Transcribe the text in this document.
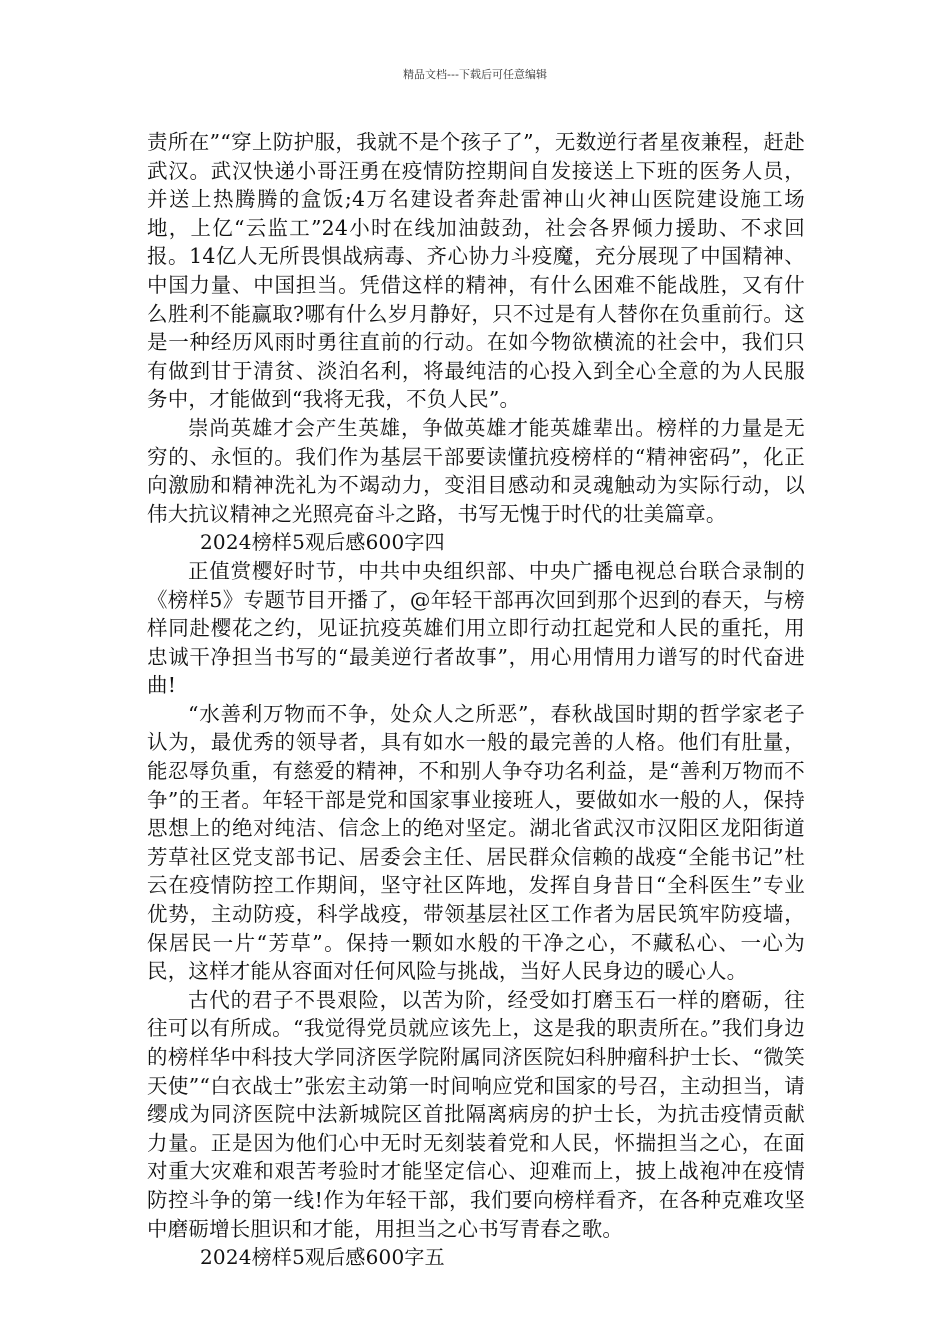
精品文档---下载后可任意编辑

责所在”“穿上防护服，我就不是个孩子了”，无数逆行者星夜兼程，赶赴武汉。武汉快递小哥汪勇在疫情防控期间自发接送上下班的医务人员，并送上热腾腾的盒饭;4万名建设者奔赴雷神山火神山医院建设施工场地，上亿“云监工”24小时在线加油鼓劲，社会各界倾力援助、不求回报。14亿人无所畏惧战病毒、齐心协力斗疫魔，充分展现了中国精神、中国力量、中国担当。凭借这样的精神，有什么困难不能战胜，又有什么胜利不能赢取?哪有什么岁月静好，只不过是有人替你在负重前行。这是一种经历风雨时勇往直前的行动。在如今物欲横流的社会中，我们只有做到甘于清贫、淡泊名利，将最纯洁的心投入到全心全意的为人民服务中，才能做到“我将无我，不负人民”。

崇尚英雄才会产生英雄，争做英雄才能英雄辈出。榜样的力量是无穷的、永恒的。我们作为基层干部要读懂抗疫榜样的“精神密码”，化正向激励和精神洗礼为不竭动力，变泪目感动和灵魂触动为实际行动，以伟大抗议精神之光照亮奋斗之路，书写无愧于时代的壮美篇章。

2024榜样5观后感600字四

正值赏樱好时节，中共中央组织部、中央广播电视总台联合录制的《榜样5》专题节目开播了，@年轻干部再次回到那个迟到的春天，与榜样同赴樱花之约，见证抗疫英雄们用立即行动扛起党和人民的重托，用忠诚干净担当书写的“最美逆行者故事”，用心用情用力谱写的时代奋进曲!

“水善利万物而不争，处众人之所恶”，春秋战国时期的哲学家老子认为，最优秀的领导者，具有如水一般的最完善的人格。他们有肚量，能忍辱负重，有慈爱的精神，不和别人争夺功名利益，是“善利万物而不争”的王者。年轻干部是党和国家事业接班人，要做如水一般的人，保持思想上的绝对纯洁、信念上的绝对坚定。湖北省武汉市汉阳区龙阳街道芳草社区党支部书记、居委会主任、居民群众信赖的战疫“全能书记”杜云在疫情防控工作期间，坚守社区阵地，发挥自身昔日“全科医生”专业优势，主动防疫，科学战疫，带领基层社区工作者为居民筑牢防疫墙，保居民一片“芳草”。保持一颗如水般的干净之心，不藏私心、一心为民，这样才能从容面对任何风险与挑战，当好人民身边的暖心人。

古代的君子不畏艰险，以苦为阶，经受如打磨玉石一样的磨砺，往往可以有所成。“我觉得党员就应该先上，这是我的职责所在。”我们身边的榜样华中科技大学同济医学院附属同济医院妇科肿瘤科护士长、“微笑天使”“白衣战士”张宏主动第一时间响应党和国家的号召，主动担当，请缨成为同济医院中法新城院区首批隔离病房的护士长，为抗击疫情贡献力量。正是因为他们心中无时无刻装着党和人民，怀揣担当之心，在面对重大灾难和艰苦考验时才能坚定信心、迎难而上，披上战袍冲在疫情防控斗争的第一线!作为年轻干部，我们要向榜样看齐，在各种克难攻坚中磨砺增长胆识和才能，用担当之心书写青春之歌。

2024榜样5观后感600字五
